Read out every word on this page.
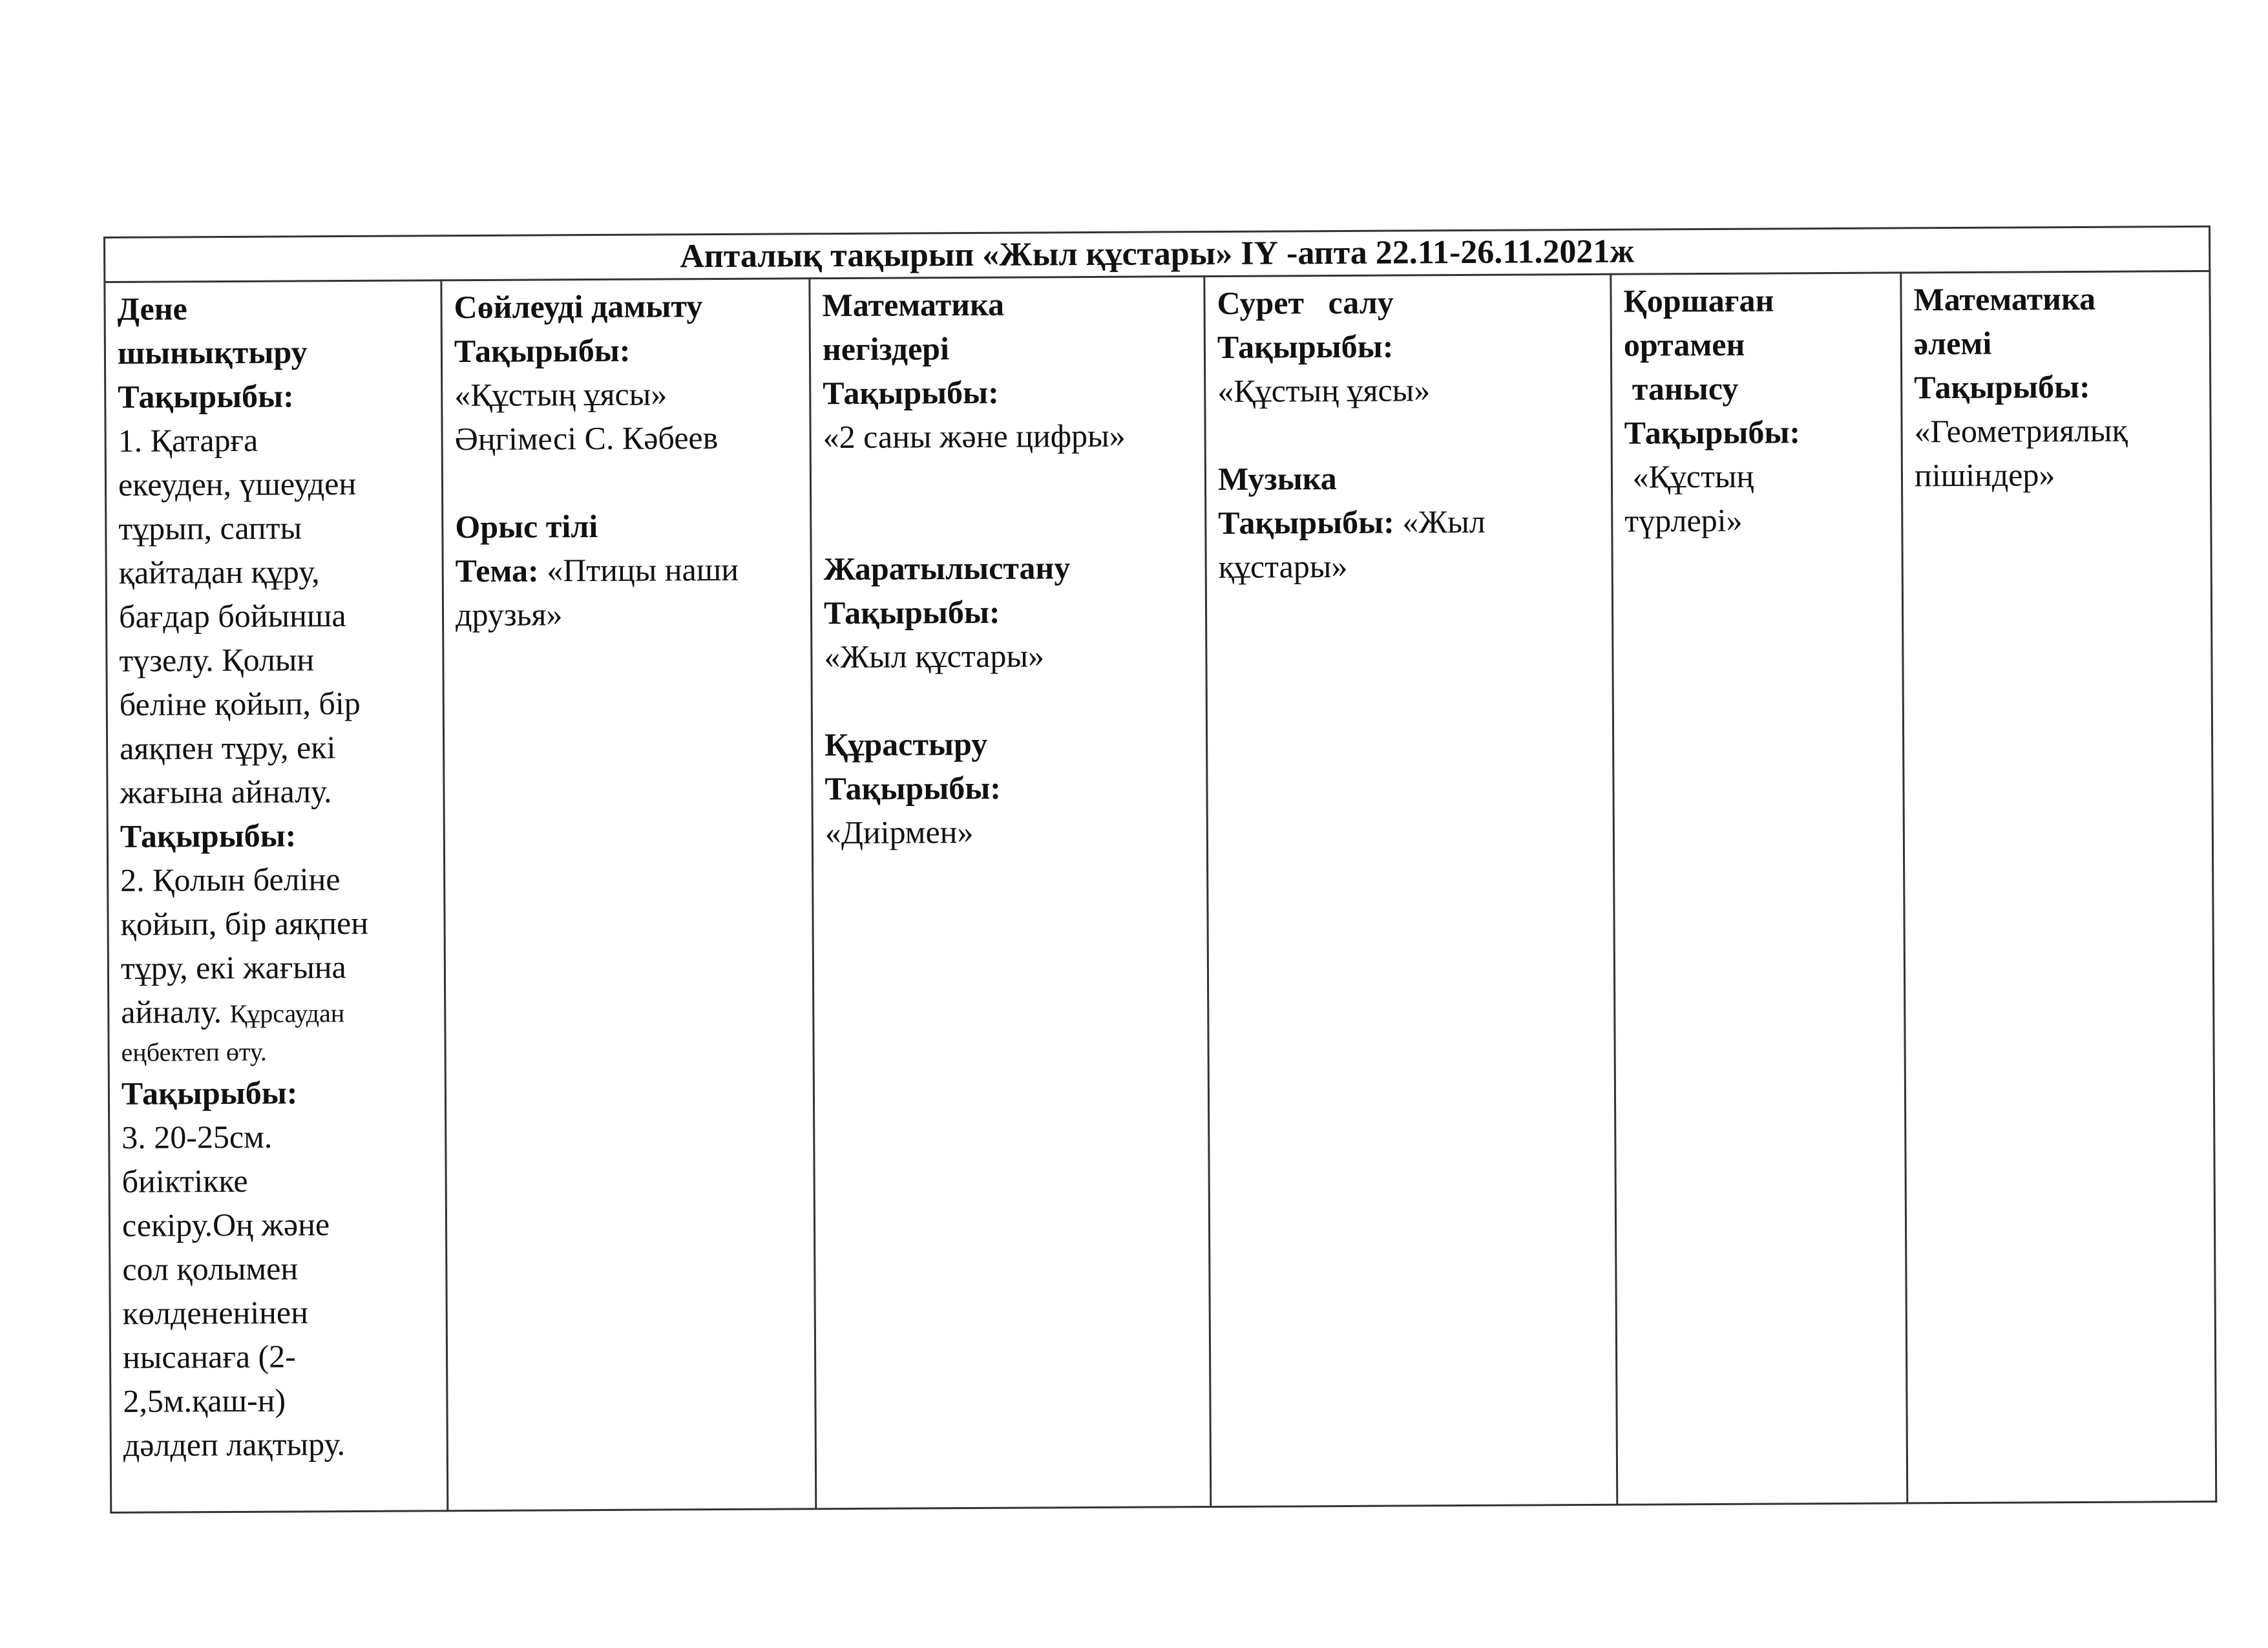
Апталық тақырып «Жыл құстары» IҮ -апта 22.11-26.11.2021ж

Дене
шынықтыру
Тақырыбы:
1. Қатарға
екеуден, үшеуден
тұрып, сапты
қайтадан құру,
бағдар бойынша
түзелу. Қолын
беліне қойып, бір
аяқпен тұру, екі
жағына айналу.
Тақырыбы:
2. Қолын беліне
қойып, бір аяқпен
тұру, екі жағына
айналу. Құрсаудан
еңбектеп өту.
Тақырыбы:
3. 20-25см.
биіктікке
секіру.Оң және
сол қолымен
көлдененінен
нысанаға (2-
2,5м.қаш-н)
дәлдеп лақтыру.

Сөйлеуді дамыту
Тақырыбы:
«Құстың ұясы»
Әңгімесі С. Кәбеев
Орыс тілі
Тема: «Птицы наши
друзья»

Математика
негіздері
Тақырыбы:
«2 саны және цифры»
Жаратылыстану
Тақырыбы:
«Жыл құстары»
Құрастыру
Тақырыбы:
«Диірмен»

Сурет   салу
Тақырыбы:
«Құстың ұясы»
Музыка
Тақырыбы: «Жыл
құстары»

Қоршаған
ортамен
танысу
Тақырыбы:
«Құстың
түрлері»

Математика
әлемі
Тақырыбы:
«Геометриялық
пішіндер»
